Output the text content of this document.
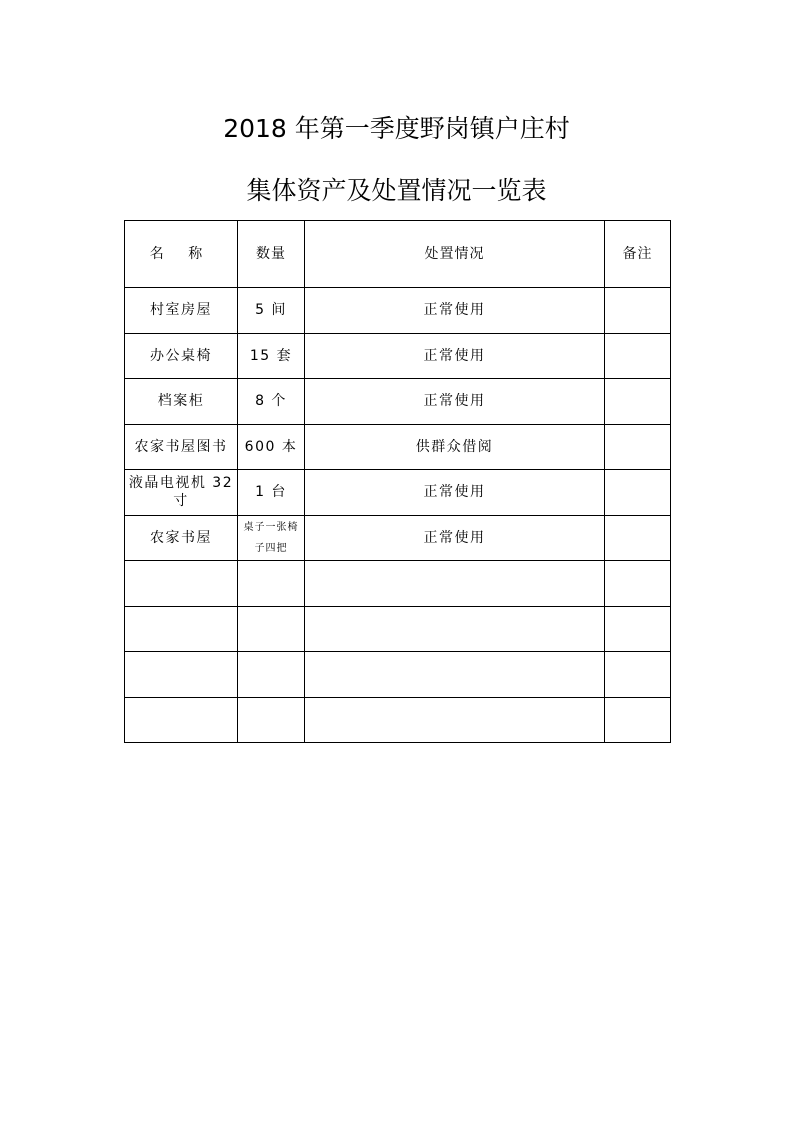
2018 年第一季度野岗镇户庄村
集体资产及处置情况一览表
名 称	数量	处置情况	备注
村室房屋	5 间	正常使用	
办公桌椅	15 套	正常使用	
档案柜	8 个	正常使用	
农家书屋图书	600 本	供群众借阅	
液晶电视机 32 寸	1 台	正常使用	
农家书屋	桌子一张椅子四把	正常使用	
